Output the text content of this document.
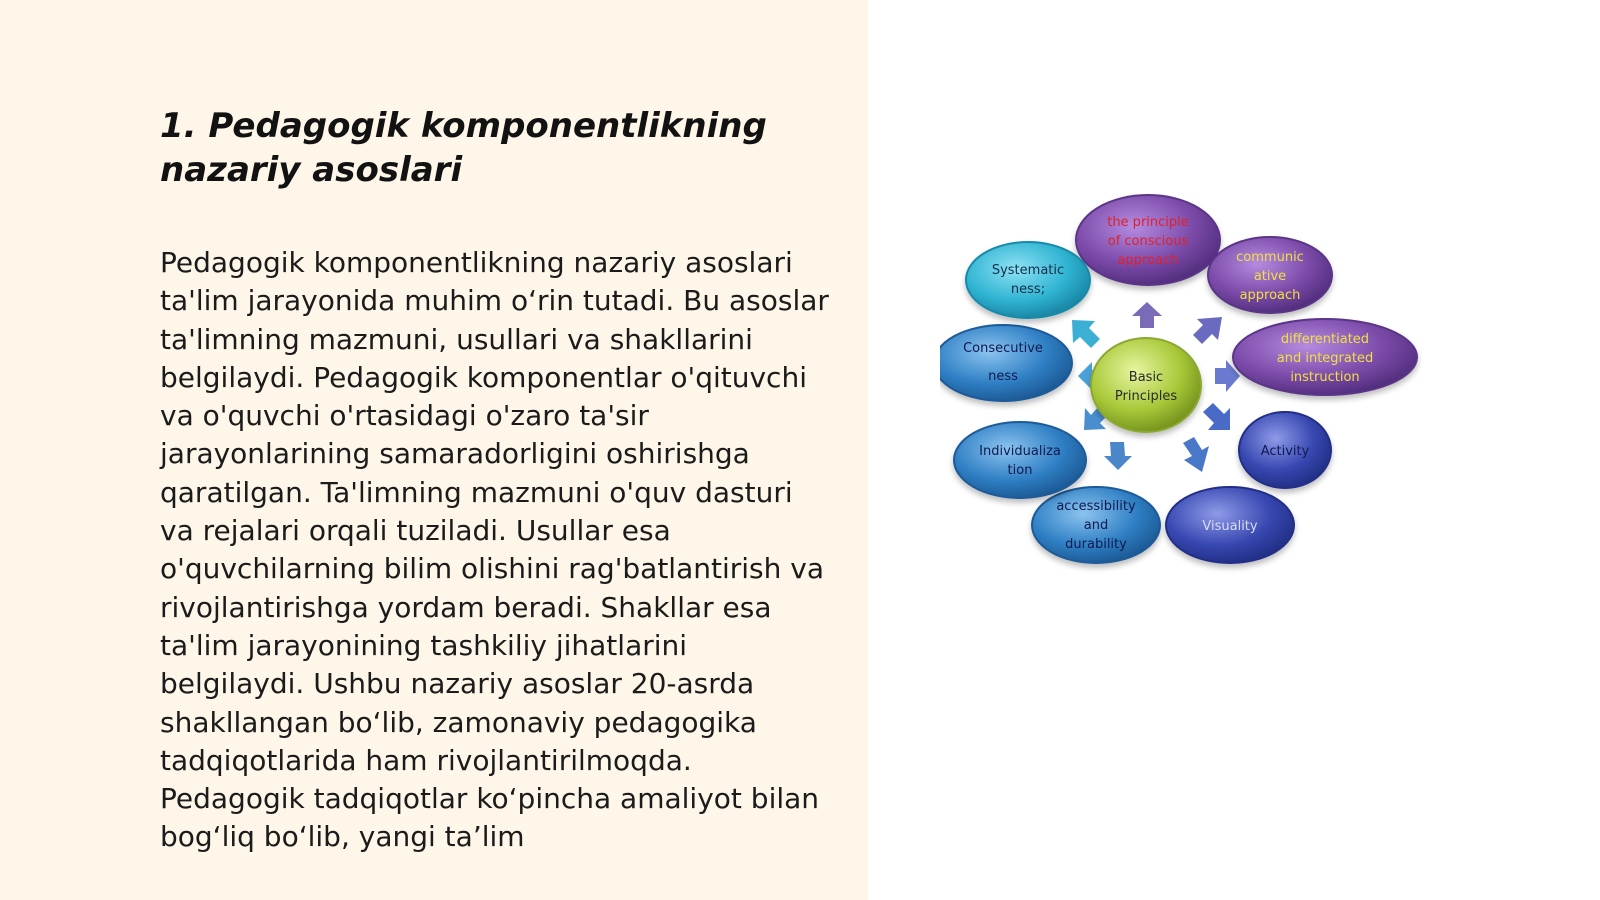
1. Pedagogik komponentlikning nazariy asoslari

Pedagogik komponentlikning nazariy asoslari ta'lim jarayonida muhim o‘rin tutadi. Bu asoslar ta'limning mazmuni, usullari va shakllarini belgilaydi. Pedagogik komponentlar o'qituvchi va o'quvchi o'rtasidagi o'zaro ta'sir jarayonlarining samaradorligini oshirishga qaratilgan. Ta'limning mazmuni o'quv dasturi va rejalari orqali tuziladi. Usullar esa o'quvchilarning bilim olishini rag'batlantirish va rivojlantirishga yordam beradi. Shakllar esa ta'lim jarayonining tashkiliy jihatlarini belgilaydi. Ushbu nazariy asoslar 20-asrda shakllangan bo‘lib, zamonaviy pedagogika tadqiqotlarida ham rivojlantirilmoqda. Pedagogik tadqiqotlar ko‘pincha amaliyot bilan bog‘liq bo‘lib, yangi ta’lim

Basic
Principles
the principle
of conscious
approach	communic
ative
approach
differentiated
and integrated
instruction
Activity
Visuality
accessibility
and
durability
Individualiza
tion
Consecutive
ness
Systematic
ness;
